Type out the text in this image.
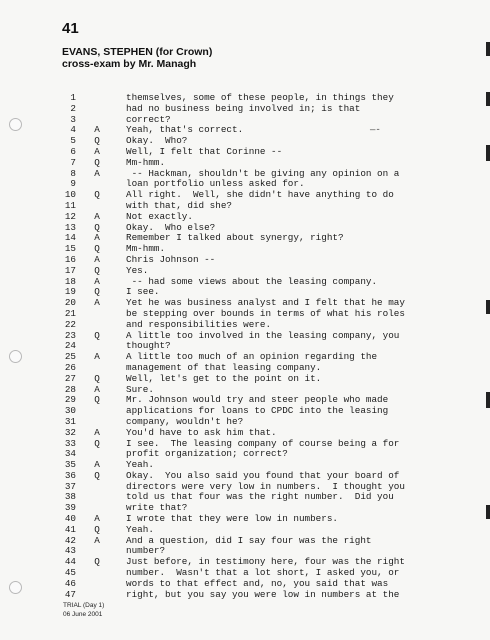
41
EVANS, STEPHEN (for Crown)
cross-exam by Mr. Managh
—-
1	themselves, some of these people, in things they
2	had no business being involved in; is that
3	correct?
4 A	Yeah, that's correct.
5 Q	Okay.  Who?
6 A	Well, I felt that Corinne --
7 Q	Mm-hmm.
8 A	-- Hackman, shouldn't be giving any opinion on a
9	loan portfolio unless asked for.
10 Q	All right.  Well, she didn't have anything to do
11	with that, did she?
12 A	Not exactly.
13 Q	Okay.  Who else?
14 A	Remember I talked about synergy, right?
15 Q	Mm-hmm.
16 A	Chris Johnson --
17 Q	Yes.
18 A	-- had some views about the leasing company.
19 Q	I see.
20 A	Yet he was business analyst and I felt that he may
21	be stepping over bounds in terms of what his roles
22	and responsibilities were.
23 Q	A little too involved in the leasing company, you
24	thought?
25 A	A little too much of an opinion regarding the
26	management of that leasing company.
27 Q	Well, let's get to the point on it.
28 A	Sure.
29 Q	Mr. Johnson would try and steer people who made
30	applications for loans to CPDC into the leasing
31	company, wouldn't he?
32 A	You'd have to ask him that.
33 Q	I see.  The leasing company of course being a for
34	profit organization; correct?
35 A	Yeah.
36 Q	Okay.  You also said you found that your board of
37	directors were very low in numbers.  I thought you
38	told us that four was the right number.  Did you
39	write that?
40 A	I wrote that they were low in numbers.
41 Q	Yeah.
42 A	And a question, did I say four was the right
43	number?
44 Q	Just before, in testimony here, four was the right
45	number.  Wasn't that a lot short, I asked you, or
46	words to that effect and, no, you said that was
47	right, but you say you were low in numbers at the
TRIAL (Day 1)
06 June 2001
